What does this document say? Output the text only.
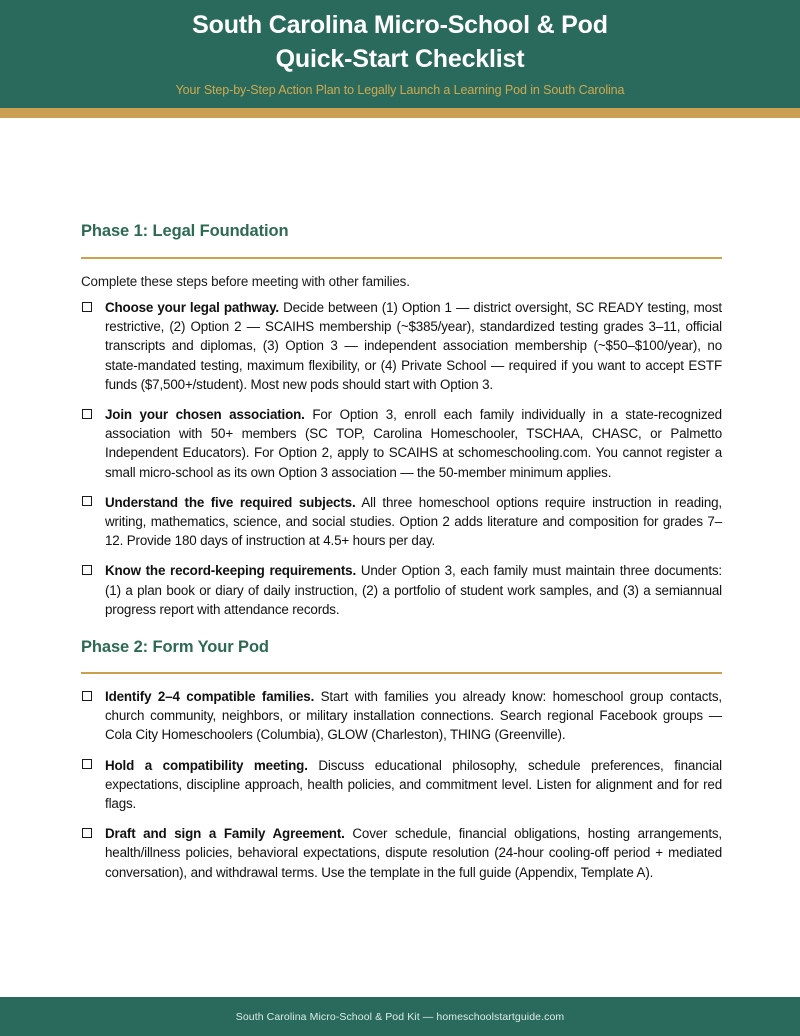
South Carolina Micro-School & Pod
Quick-Start Checklist
Your Step-by-Step Action Plan to Legally Launch a Learning Pod in South Carolina
Phase 1: Legal Foundation

Complete these steps before meeting with other families.

Choose your legal pathway. Decide between (1) Option 1 — district oversight, SC READY testing, most restrictive, (2) Option 2 — SCAIHS membership (~$385/year), standardized testing grades 3–11, official transcripts and diplomas, (3) Option 3 — independent association membership (~$50–$100/year), no state-mandated testing, maximum flexibility, or (4) Private School — required if you want to accept ESTF funds ($7,500+/student). Most new pods should start with Option 3.
Join your chosen association. For Option 3, enroll each family individually in a state-recognized association with 50+ members (SC TOP, Carolina Homeschooler, TSCHAA, CHASC, or Palmetto Independent Educators). For Option 2, apply to SCAIHS at schomeschooling.com. You cannot register a small micro-school as its own Option 3 association — the 50-member minimum applies.
Understand the five required subjects. All three homeschool options require instruction in reading, writing, mathematics, science, and social studies. Option 2 adds literature and composition for grades 7–12. Provide 180 days of instruction at 4.5+ hours per day.
Know the record-keeping requirements. Under Option 3, each family must maintain three documents: (1) a plan book or diary of daily instruction, (2) a portfolio of student work samples, and (3) a semiannual progress report with attendance records.
Phase 2: Form Your Pod
Identify 2–4 compatible families. Start with families you already know: homeschool group contacts, church community, neighbors, or military installation connections. Search regional Facebook groups — Cola City Homeschoolers (Columbia), GLOW (Charleston), THING (Greenville).
Hold a compatibility meeting. Discuss educational philosophy, schedule preferences, financial expectations, discipline approach, health policies, and commitment level. Listen for alignment and for red flags.
Draft and sign a Family Agreement. Cover schedule, financial obligations, hosting arrangements, health/illness policies, behavioral expectations, dispute resolution (24-hour cooling-off period + mediated conversation), and withdrawal terms. Use the template in the full guide (Appendix, Template A).
South Carolina Micro-School & Pod Kit — homeschoolstartguide.com
